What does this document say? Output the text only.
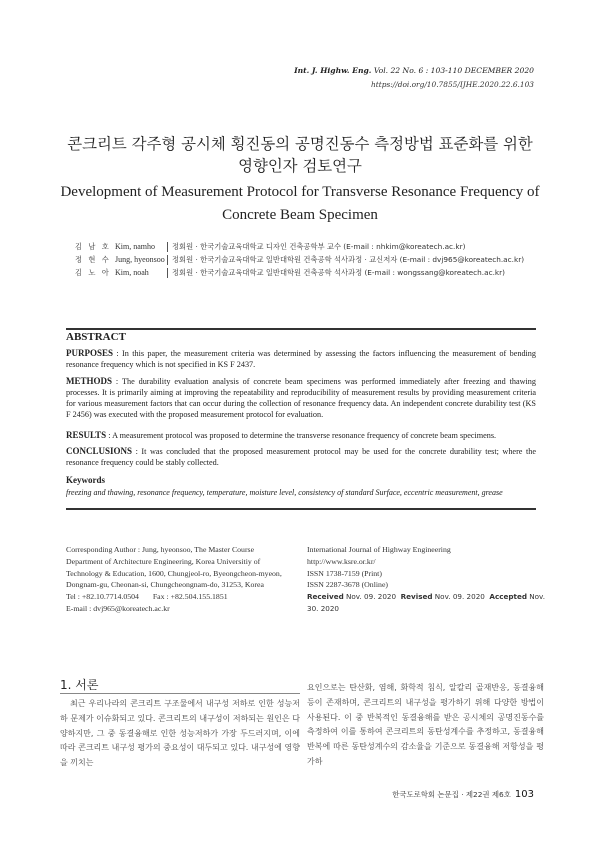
Int. J. Highw. Eng. Vol. 22 No. 6 : 103-110 DECEMBER 2020
https://doi.org/10.7855/IJHE.2020.22.6.103
콘크리트 각주형 공시체 횡진동의 공명진동수 측정방법 표준화를 위한
영향인자 검토연구
Development of Measurement Protocol for Transverse Resonance Frequency of
Concrete Beam Specimen
김 남 호 Kim, namho 정회원 · 한국기술교육대학교 디자인 건축공학부 교수 (E-mail : nhkim@koreatech.ac.kr)
정 현 수 Jung, hyeonsoo 정회원 · 한국기술교육대학교 일반대학원 건축공학 석사과정 · 교신저자 (E-mail : dvj965@koreatech.ac.kr)
김 노 아 Kim, noah	정회원 · 한국기술교육대학교 일반대학원 건축공학 석사과정 (E-mail : wongssang@koreatech.ac.kr)
ABSTRACT
PURPOSES : In this paper, the measurement criteria was determined by assessing the factors influencing the measurement of bending resonance frequency which is not specified in KS F 2437.
METHODS : The durability evaluation analysis of concrete beam specimens was performed immediately after freezing and thawing processes. It is primarily aiming at improving the repeatability and reproducibility of measurement results by providing measurement criteria for various measurement factors that can occur during the collection of resonance frequency data. An independent concrete durability test (KS F 2456) was executed with the proposed measurement protocol for evaluation.
RESULTS : A measurement protocol was proposed to determine the transverse resonance frequency of concrete beam specimens.
CONCLUSIONS : It was concluded that the proposed measurement protocol may be used for the concrete durability test; where the resonance frequency could be stably collected.
Keywords
freezing and thawing, resonance frequency, temperature, moisture level, consistency of standard Surface, eccentric measurement, grease
Corresponding Author : Jung, hyeonsoo, The Master Course
Department of Architecture Engineering, Korea Universitiy of
Technology & Education, 1600, Chungjeol-ro, Byeongcheon-myeon,
Dongnam-gu, Cheonan-si, Chungcheongnam-do, 31253, Korea
Tel : +82.10.7714.0504 Fax : +82.504.155.1851
E-mail : dvj965@koreatech.ac.kr
International Journal of Highway Engineering
http://www.ksre.or.kr/
ISSN 1738-7159 (Print)
ISSN 2287-3678 (Online)
Received Nov. 09. 2020 Revised Nov. 09. 2020 Accepted Nov. 30. 2020
1. 서론
최근 우리나라의 콘크리트 구조물에서 내구성 저하로 인한 성능저하 문제가 이슈화되고 있다. 콘크리트의 내구성이 저하되는 원인은 다양하지만, 그 중 동결융해로 인한 성능저하가 가장 두드러지며, 이에 따라 콘크리트 내구성 평가의 중요성이 대두되고 있다. 내구성에 영향을 끼치는
요인으로는 탄산화, 염해, 화학적 침식, 알칼리 골재반응, 동결융해 등이 존재하며, 콘크리트의 내구성을 평가하기 위해 다양한 방법이 사용된다. 이 중 반복적인 동결융해를 받은 공시체의 공명진동수를 측정하여 이를 통하여 콘크리트의 동탄성계수를 추정하고, 동결융해 반복에 따른 동탄성계수의 감소율을 기준으로 동결융해 저항성을 평가하
한국도로학회 논문집 · 제22권 제6호 103
